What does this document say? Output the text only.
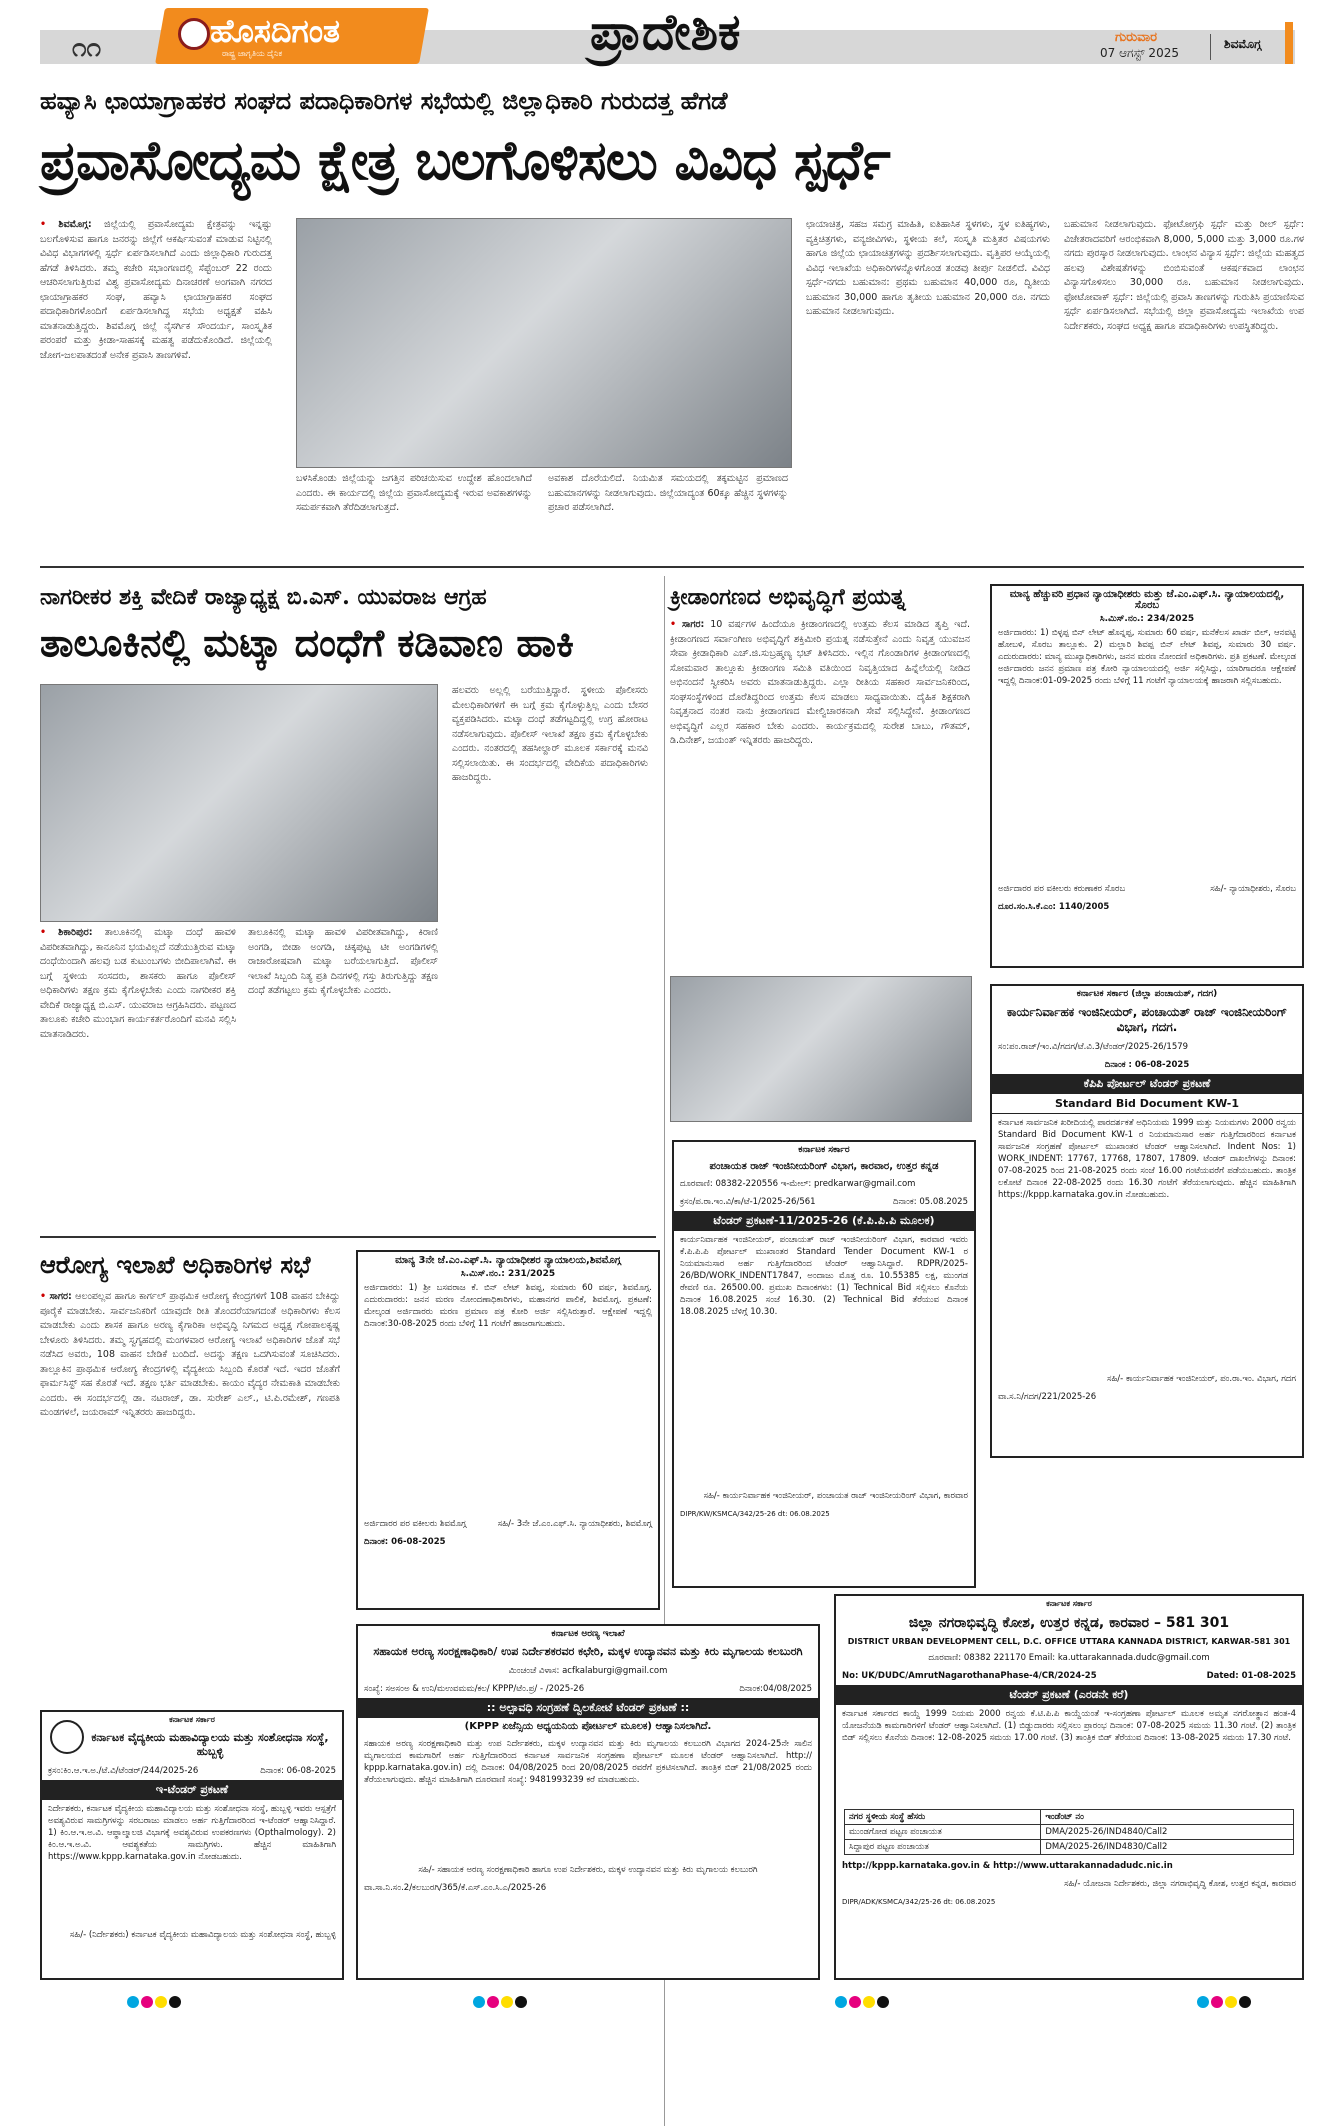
೧೧	ಹೊಸದಿಗಂತ
ರಾಷ್ಟ್ರ ಜಾಗೃತಿಯ ದೈನಿಕ	ಪ್ರಾದೇಶಿಕ	ಗುರುವಾರ
07 ಆಗಸ್ಟ್ 2025
ಶಿವಮೊಗ್ಗ
ಹವ್ಯಾಸಿ ಛಾಯಾಗ್ರಾಹಕರ ಸಂಘದ ಪದಾಧಿಕಾರಿಗಳ ಸಭೆಯಲ್ಲಿ ಜಿಲ್ಲಾಧಿಕಾರಿ ಗುರುದತ್ತ ಹೆಗಡೆ
ಪ್ರವಾಸೋದ್ಯಮ ಕ್ಷೇತ್ರ ಬಲಗೊಳಿಸಲು ವಿವಿಧ ಸ್ಪರ್ಧೆ

• ಶಿವಮೊಗ್ಗ: ಜಿಲ್ಲೆಯಲ್ಲಿ ಪ್ರವಾಸೋದ್ಯಮ ಕ್ಷೇತ್ರವನ್ನು ಇನ್ನಷ್ಟು ಬಲಗೊಳಿಸುವ ಹಾಗೂ ಜನರನ್ನು ಜಿಲ್ಲೆಗೆ ಆಕರ್ಷಿಸುವಂತೆ ಮಾಡುವ ನಿಟ್ಟಿನಲ್ಲಿ ವಿವಿಧ ವಿಭಾಗಗಳಲ್ಲಿ ಸ್ಪರ್ಧೆ ಏರ್ಪಡಿಸಲಾಗಿದೆ ಎಂದು ಜಿಲ್ಲಾಧಿಕಾರಿ ಗುರುದತ್ತ ಹೆಗಡೆ ತಿಳಿಸಿದರು. ತಮ್ಮ ಕಚೇರಿ ಸಭಾಂಗಣದಲ್ಲಿ ಸೆಪ್ಟೆಂಬರ್ 22 ರಂದು ಆಚರಿಸಲಾಗುತ್ತಿರುವ ವಿಶ್ವ ಪ್ರವಾಸೋದ್ಯಮ ದಿನಾಚರಣೆ ಅಂಗವಾಗಿ ನಗರದ ಛಾಯಾಗ್ರಾಹಕರ ಸಂಘ, ಹವ್ಯಾಸಿ ಛಾಯಾಗ್ರಾಹಕರ ಸಂಘದ ಪದಾಧಿಕಾರಿಗಳೊಂದಿಗೆ ಏರ್ಪಡಿಸಲಾಗಿದ್ದ ಸಭೆಯ ಅಧ್ಯಕ್ಷತೆ ವಹಿಸಿ ಮಾತನಾಡುತ್ತಿದ್ದರು. ಶಿವಮೊಗ್ಗ ಜಿಲ್ಲೆ ನೈಸರ್ಗಿಕ ಸೌಂದರ್ಯ, ಸಾಂಸ್ಕೃತಿಕ ಪರಂಪರೆ ಮತ್ತು ಕ್ರೀಡಾ-ಸಾಹಸಕ್ಕೆ ಮಹತ್ವ ಪಡೆದುಕೊಂಡಿದೆ. ಜಿಲ್ಲೆಯಲ್ಲಿ ಜೋಗ-ಜಲಪಾತದಂತೆ ಅನೇಕ ಪ್ರವಾಸಿ ತಾಣಗಳಿವೆ.

ಬಳಸಿಕೊಂಡು ಜಿಲ್ಲೆಯನ್ನು ಜಗತ್ತಿನ ಪರಿಚಯಿಸುವ ಉದ್ದೇಶ ಹೊಂದಲಾಗಿದೆ ಎಂದರು. ಈ ಕಾರ್ಯದಲ್ಲಿ ಜಿಲ್ಲೆಯ ಪ್ರವಾಸೋದ್ಯಮಕ್ಕೆ ಇರುವ ಅವಕಾಶಗಳನ್ನು ಸಮರ್ಪಕವಾಗಿ ತೆರೆದಿಡಲಾಗುತ್ತದೆ.
ಅವಕಾಶ ದೊರೆಯಲಿದೆ. ನಿಯಮಿತ ಸಮಯದಲ್ಲಿ ತಕ್ಕಮಟ್ಟಿನ ಪ್ರಮಾಣದ ಬಹುಮಾನಗಳನ್ನು ನೀಡಲಾಗುವುದು. ಜಿಲ್ಲೆಯಾದ್ಯಂತ 60ಕ್ಕೂ ಹೆಚ್ಚಿನ ಸ್ಥಳಗಳನ್ನು ಪ್ರಚಾರ ಪಡೆಸಲಾಗಿದೆ.
ಛಾಯಾಚಿತ್ರ, ಸಹಜ ಸಮಗ್ರ ಮಾಹಿತಿ, ಐತಿಹಾಸಿಕ ಸ್ಥಳಗಳು, ಸ್ಥಳ ಐತಿಹ್ಯಗಳು, ವ್ಯಕ್ತಿಚಿತ್ರಗಳು, ವನ್ಯಜೀವಿಗಳು, ಸ್ಥಳೀಯ ಕಲೆ, ಸಂಸ್ಕೃತಿ ಮತ್ತಿತರ ವಿಷಯಗಳು ಹಾಗೂ ಜಿಲ್ಲೆಯ ಛಾಯಾಚಿತ್ರಗಳನ್ನು ಪ್ರದರ್ಶಿಸಲಾಗುವುದು. ವೃತ್ತಿಪರ ಆಯ್ಕೆಯಲ್ಲಿ ವಿವಿಧ ಇಲಾಖೆಯ ಅಧಿಕಾರಿಗಳನ್ನೊಳಗೊಂಡ ತಂಡವು ತೀರ್ಪು ನೀಡಲಿದೆ. ವಿವಿಧ ಸ್ಪರ್ಧೆ-ನಗದು ಬಹುಮಾನ: ಪ್ರಥಮ ಬಹುಮಾನ 40,000 ರೂ, ದ್ವಿತೀಯ ಬಹುಮಾನ 30,000 ಹಾಗೂ ತೃತೀಯ ಬಹುಮಾನ 20,000 ರೂ. ನಗದು ಬಹುಮಾನ ನೀಡಲಾಗುವುದು.
ಬಹುಮಾನ ನೀಡಲಾಗುವುದು. ಫೋಟೋಗ್ರಫಿ ಸ್ಪರ್ಧೆ ಮತ್ತು ರೀಲ್ ಸ್ಪರ್ಧೆ: ವಿಜೇತರಾದವರಿಗೆ ಆರಂಭಿಕವಾಗಿ 8,000, 5,000 ಮತ್ತು 3,000 ರೂ.ಗಳ ನಗದು ಪುರಸ್ಕಾರ ನೀಡಲಾಗುವುದು. ಲಾಂಛನ ವಿನ್ಯಾಸ ಸ್ಪರ್ಧೆ: ಜಿಲ್ಲೆಯ ಮಹತ್ವದ ಹಲವು ವಿಶೇಷತೆಗಳನ್ನು ಬಿಂಬಿಸುವಂತೆ ಆಕರ್ಷಕವಾದ ಲಾಂಛನ ವಿನ್ಯಾಸಗೊಳಿಸಲು 30,000 ರೂ. ಬಹುಮಾನ ನೀಡಲಾಗುವುದು. ಫೋಟೋವಾಕ್ ಸ್ಪರ್ಧೆ: ಜಿಲ್ಲೆಯಲ್ಲಿ ಪ್ರವಾಸಿ ತಾಣಗಳನ್ನು ಗುರುತಿಸಿ ಪ್ರಯಾಣಿಸುವ ಸ್ಪರ್ಧೆ ಏರ್ಪಡಿಸಲಾಗಿದೆ. ಸಭೆಯಲ್ಲಿ ಜಿಲ್ಲಾ ಪ್ರವಾಸೋದ್ಯಮ ಇಲಾಖೆಯ ಉಪ ನಿರ್ದೇಶಕರು, ಸಂಘದ ಅಧ್ಯಕ್ಷ ಹಾಗೂ ಪದಾಧಿಕಾರಿಗಳು ಉಪಸ್ಥಿತರಿದ್ದರು.
ನಾಗರೀಕರ ಶಕ್ತಿ ವೇದಿಕೆ ರಾಜ್ಯಾಧ್ಯಕ್ಷ ಬಿ.ಎಸ್. ಯುವರಾಜ ಆಗ್ರಹ
ತಾಲೂಕಿನಲ್ಲಿ ಮಟ್ಕಾ ದಂಧೆಗೆ ಕಡಿವಾಣ ಹಾಕಿ

• ಶಿಕಾರಿಪುರ: ತಾಲೂಕಿನಲ್ಲಿ ಮಟ್ಕಾ ದಂಧೆ ಹಾವಳಿ ವಿಪರೀತವಾಗಿದ್ದು, ಕಾನೂನಿನ ಭಯವಿಲ್ಲದೆ ನಡೆಯುತ್ತಿರುವ ಮಟ್ಕಾ ದಂಧೆಯಿಂದಾಗಿ ಹಲವು ಬಡ ಕುಟುಂಬಗಳು ಬೀದಿಪಾಲಾಗಿವೆ. ಈ ಬಗ್ಗೆ ಸ್ಥಳೀಯ ಸಂಸದರು, ಶಾಸಕರು ಹಾಗೂ ಪೊಲೀಸ್ ಅಧಿಕಾರಿಗಳು ತಕ್ಷಣ ಕ್ರಮ ಕೈಗೊಳ್ಳಬೇಕು ಎಂದು ನಾಗರೀಕರ ಶಕ್ತಿ ವೇದಿಕೆ ರಾಜ್ಯಾಧ್ಯಕ್ಷ ಬಿ.ಎಸ್. ಯುವರಾಜ ಆಗ್ರಹಿಸಿದರು. ಪಟ್ಟಣದ ತಾಲೂಕು ಕಚೇರಿ ಮುಂಭಾಗ ಕಾರ್ಯಕರ್ತರೊಂದಿಗೆ ಮನವಿ ಸಲ್ಲಿಸಿ ಮಾತನಾಡಿದರು.

ತಾಲೂಕಿನಲ್ಲಿ ಮಟ್ಕಾ ಹಾವಳಿ ವಿಪರೀತವಾಗಿದ್ದು, ಕಿರಾಣಿ ಅಂಗಡಿ, ಬೀಡಾ ಅಂಗಡಿ, ಚಿಕ್ಕಪುಟ್ಟ ಟೀ ಅಂಗಡಿಗಳಲ್ಲಿ ರಾಜಾರೋಷವಾಗಿ ಮಟ್ಕಾ ಬರೆಯಲಾಗುತ್ತಿದೆ. ಪೊಲೀಸ್ ಇಲಾಖೆ ಸಿಬ್ಬಂದಿ ನಿತ್ಯ ಪ್ರತಿ ದಿನಗಳಲ್ಲಿ ಗಸ್ತು ತಿರುಗುತ್ತಿದ್ದು ತಕ್ಷಣ ದಂಧೆ ತಡೆಗಟ್ಟಲು ಕ್ರಮ ಕೈಗೊಳ್ಳಬೇಕು ಎಂದರು.
ಹಲವರು ಅಲ್ಲಲ್ಲಿ ಬರೆಯುತ್ತಿದ್ದಾರೆ. ಸ್ಥಳೀಯ ಪೊಲೀಸರು ಮೇಲಧಿಕಾರಿಗಳಿಗೆ ಈ ಬಗ್ಗೆ ಕ್ರಮ ಕೈಗೊಳ್ಳುತ್ತಿಲ್ಲ ಎಂದು ಬೇಸರ ವ್ಯಕ್ತಪಡಿಸಿದರು. ಮಟ್ಕಾ ದಂಧೆ ತಡೆಗಟ್ಟದಿದ್ದಲ್ಲಿ ಉಗ್ರ ಹೋರಾಟ ನಡೆಸಲಾಗುವುದು. ಪೊಲೀಸ್ ಇಲಾಖೆ ತಕ್ಷಣ ಕ್ರಮ ಕೈಗೊಳ್ಳಬೇಕು ಎಂದರು. ನಂತರದಲ್ಲಿ ತಹಸೀಲ್ದಾರ್ ಮೂಲಕ ಸರ್ಕಾರಕ್ಕೆ ಮನವಿ ಸಲ್ಲಿಸಲಾಯಿತು. ಈ ಸಂದರ್ಭದಲ್ಲಿ ವೇದಿಕೆಯ ಪದಾಧಿಕಾರಿಗಳು ಹಾಜರಿದ್ದರು.
ಕ್ರೀಡಾಂಗಣದ ಅಭಿವೃದ್ಧಿಗೆ ಪ್ರಯತ್ನ

• ಸಾಗರ: 10 ವರ್ಷಗಳ ಹಿಂದೆಯೂ ಕ್ರೀಡಾಂಗಣದಲ್ಲಿ ಉತ್ತಮ ಕೆಲಸ ಮಾಡಿದ ತೃಪ್ತಿ ಇದೆ. ಕ್ರೀಡಾಂಗಣದ ಸರ್ವಾಂಗೀಣ ಅಭಿವೃದ್ಧಿಗೆ ಶಕ್ತಿಮೀರಿ ಪ್ರಯತ್ನ ನಡೆಸುತ್ತೇನೆ ಎಂದು ನಿವೃತ್ತ ಯುವಜನ ಸೇವಾ ಕ್ರೀಡಾಧಿಕಾರಿ ಎಚ್.ಜಿ.ಸುಬ್ರಹ್ಮಣ್ಯ ಭಟ್ ತಿಳಿಸಿದರು. ಇಲ್ಲಿನ ಗೊಂಡಾರಿಗಳ ಕ್ರೀಡಾಂಗಣದಲ್ಲಿ ಸೋಮವಾರ ತಾಲ್ಲೂಕು ಕ್ರೀಡಾಂಗಣ ಸಮಿತಿ ವತಿಯಿಂದ ನಿವೃತ್ತಿಯಾದ ಹಿನ್ನೆಲೆಯಲ್ಲಿ ನೀಡಿದ ಅಭಿನಂದನೆ ಸ್ವೀಕರಿಸಿ ಅವರು ಮಾತನಾಡುತ್ತಿದ್ದರು. ಎಲ್ಲಾ ರೀತಿಯ ಸಹಕಾರ ಸಾರ್ವಜನಿಕರಿಂದ, ಸಂಘಸಂಸ್ಥೆಗಳಿಂದ ದೊರೆತಿದ್ದರಿಂದ ಉತ್ತಮ ಕೆಲಸ ಮಾಡಲು ಸಾಧ್ಯವಾಯಿತು. ದೈಹಿಕ ಶಿಕ್ಷಕರಾಗಿ ನಿವೃತ್ತನಾದ ನಂತರ ನಾನು ಕ್ರೀಡಾಂಗಣದ ಮೇಲ್ವಿಚಾರಕನಾಗಿ ಸೇವೆ ಸಲ್ಲಿಸಿದ್ದೇನೆ. ಕ್ರೀಡಾಂಗಣದ ಅಭಿವೃದ್ಧಿಗೆ ಎಲ್ಲರ ಸಹಕಾರ ಬೇಕು ಎಂದರು. ಕಾರ್ಯಕ್ರಮದಲ್ಲಿ ಸುರೇಶ ಬಾಬು, ಗೌತಮ್, ಡಿ.ದಿನೇಶ್, ಜಯಂತ್ ಇನ್ನಿತರರು ಹಾಜರಿದ್ದರು.

ಮಾನ್ಯ ಹೆಚ್ಚುವರಿ ಪ್ರಧಾನ ನ್ಯಾಯಾಧೀಶರು ಮತ್ತು ಜೆ.ಎಂ.ಎಫ್.ಸಿ. ನ್ಯಾಯಾಲಯದಲ್ಲಿ, ಸೊರಬ
ಸಿ.ಮಿಸ್.ನಂ.: 234/2025
ಅರ್ಜಿದಾರರು: 1) ಬಿಳ್ಳಪ್ಪ ಬಿನ್ ಲೇಟ್ ಹೊನ್ನಪ್ಪ, ಸುಮಾರು 60 ವರ್ಷ, ಮನೆಕೆಲಸ ಖಾರ್ಡ ಬಿಲ್, ಆನವಟ್ಟಿ ಹೋಬಳಿ, ಸೊರಬ ತಾಲ್ಲೂಕು. 2) ಮಲ್ಲಾರಿ ಶಿವಪ್ಪ ಬಿನ್ ಲೇಟ್ ಶಿವಪ್ಪ, ಸುಮಾರು 30 ವರ್ಷ. ಎದುರುದಾರರು: ಮಾನ್ಯ ಮುಖ್ಯಾಧಿಕಾರಿಗಳು, ಜನನ ಮರಣ ನೋಂದಣಿ ಅಧಿಕಾರಿಗಳು. ಪ್ರತಿ ಪ್ರಕಟಣೆ. ಮೇಲ್ಕಂಡ ಅರ್ಜಿದಾರರು ಜನನ ಪ್ರಮಾಣ ಪತ್ರ ಕೋರಿ ನ್ಯಾಯಾಲಯದಲ್ಲಿ ಅರ್ಜಿ ಸಲ್ಲಿಸಿದ್ದು, ಯಾರಿಗಾದರೂ ಆಕ್ಷೇಪಣೆ ಇದ್ದಲ್ಲಿ ದಿನಾಂಕ:01-09-2025 ರಂದು ಬೆಳಿಗ್ಗೆ 11 ಗಂಟೆಗೆ ನ್ಯಾಯಾಲಯಕ್ಕೆ ಹಾಜರಾಗಿ ಸಲ್ಲಿಸಬಹುದು.
ಅರ್ಜಿದಾರರ ಪರ ವಕೀಲರು ಕರುಣಾಕರ ಸೊರಬ	ಸಹಿ/- ನ್ಯಾಯಾಧೀಶರು, ಸೊರಬ
ದೂರ.ಸಂ.ಸಿ.ಕೆ.ಎಂ: 1140/2005
ಕರ್ನಾಟಕ ಸರ್ಕಾರ (ಜಿಲ್ಲಾ ಪಂಚಾಯತ್, ಗದಗ)
ಕಾರ್ಯನಿರ್ವಾಹಕ ಇಂಜಿನೀಯರ್, ಪಂಚಾಯತ್ ರಾಜ್ ಇಂಜಿನೀಯರಿಂಗ್ ವಿಭಾಗ, ಗದಗ.
ಸಂ:ಪಂ.ರಾಜ್/ಇಂ.ವಿ/ಗದಗ/ಟೆ.ವಿ.3/ಟೆಂಡರ್/2025-26/1579
ದಿನಾಂಕ : 06-08-2025
ಕೆಪಿಪಿ ಪೋರ್ಟಲ್ ಟೆಂಡರ್ ಪ್ರಕಟಣೆ
Standard Bid Document KW-1
ಕರ್ನಾಟಕ ಸಾರ್ವಜನಿಕ ಖರೀದಿಯಲ್ಲಿ ಪಾರದರ್ಶಕತೆ ಅಧಿನಿಯಮ 1999 ಮತ್ತು ನಿಯಮಗಳು 2000 ರನ್ವಯ Standard Bid Document KW-1 ರ ನಿಯಮಾನುಸಾರ ಅರ್ಹ ಗುತ್ತಿಗೆದಾರರಿಂದ ಕರ್ನಾಟಕ ಸಾರ್ವಜನಿಕ ಸಂಗ್ರಹಣೆ ಪೋರ್ಟಲ್ ಮುಖಾಂತರ ಟೆಂಡರ್ ಆಹ್ವಾನಿಸಲಾಗಿದೆ. Indent Nos: 1) WORK_INDENT: 17767, 17768, 17807, 17809. ಟೆಂಡರ್ ದಾಖಲೆಗಳನ್ನು ದಿನಾಂಕ: 07-08-2025 ರಿಂದ 21-08-2025 ರಂದು ಸಂಜೆ 16.00 ಗಂಟೆಯವರೆಗೆ ಪಡೆಯಬಹುದು. ತಾಂತ್ರಿಕ ಲಕೋಟೆ ದಿನಾಂಕ 22-08-2025 ರಂದು 16.30 ಗಂಟೆಗೆ ತೆರೆಯಲಾಗುವುದು. ಹೆಚ್ಚಿನ ಮಾಹಿತಿಗಾಗಿ https://kppp.karnataka.gov.in ನೋಡಬಹುದು.
ಸಹಿ/- ಕಾರ್ಯನಿರ್ವಾಹಕ ಇಂಜಿನೀಯರ್, ಪಂ.ರಾ.ಇಂ. ವಿಭಾಗ, ಗದಗ
ವಾ.ಸ.ನಿ/ಗದಗ/221/2025-26
ಕರ್ನಾಟಕ ಸರ್ಕಾರ
ಪಂಚಾಯತ ರಾಜ್ ಇಂಜಿನೀಯರಿಂಗ್ ವಿಭಾಗ, ಕಾರವಾರ, ಉತ್ತರ ಕನ್ನಡ
ದೂರವಾಣಿ: 08382-220556 ಇ-ಮೇಲ್: predkarwar@gmail.com
ಕ್ರಸಂ/ಪ.ರಾ.ಇಂ.ವಿ/ಕಾ/ಟೆ-1/2025-26/561	ದಿನಾಂಕ: 05.08.2025
ಟೆಂಡರ್ ಪ್ರಕಟಣೆ-11/2025-26 (ಕೆ.ಪಿ.ಪಿ.ಪಿ ಮೂಲಕ)
ಕಾರ್ಯನಿರ್ವಾಹಕ ಇಂಜಿನೀಯರ್, ಪಂಚಾಯತ್ ರಾಜ್ ಇಂಜಿನೀಯರಿಂಗ್ ವಿಭಾಗ, ಕಾರವಾರ ಇವರು ಕೆ.ಪಿ.ಪಿ.ಪಿ ಪೋರ್ಟಲ್ ಮುಖಾಂತರ Standard Tender Document KW-1 ರ ನಿಯಮಾನುಸಾರ ಅರ್ಹ ಗುತ್ತಿಗೆದಾರರಿಂದ ಟೆಂಡರ್ ಆಹ್ವಾನಿಸಿದ್ದಾರೆ. RDPR/2025-26/BD/WORK_INDENT17847, ಅಂದಾಜು ಮೊತ್ತ ರೂ. 10.55385 ಲಕ್ಷ, ಮುಂಗಡ ಠೇವಣಿ ರೂ. 26500.00. ಪ್ರಮುಖ ದಿನಾಂಕಗಳು: (1) Technical Bid ಸಲ್ಲಿಸಲು ಕೊನೆಯ ದಿನಾಂಕ 16.08.2025 ಸಂಜೆ 16.30. (2) Technical Bid ತೆರೆಯುವ ದಿನಾಂಕ 18.08.2025 ಬೆಳಿಗ್ಗೆ 10.30.
ಸಹಿ/- ಕಾರ್ಯನಿರ್ವಾಹಕ ಇಂಜಿನೀಯರ್, ಪಂಚಾಯತ ರಾಜ್ ಇಂಜಿನೀಯರಿಂಗ್ ವಿಭಾಗ, ಕಾರವಾರ
DIPR/KW/KSMCA/342/25-26 dt: 06.08.2025
ಆರೋಗ್ಯ ಇಲಾಖೆ ಅಧಿಕಾರಿಗಳ ಸಭೆ

• ಸಾಗರ: ಆಲಂಪಲ್ಲವ ಹಾಗೂ ಕಾರ್ಗಲ್ ಪ್ರಾಥಮಿಕ ಆರೋಗ್ಯ ಕೇಂದ್ರಗಳಿಗೆ 108 ವಾಹನ ಬೇಕಿದ್ದು ಪೂರೈಕೆ ಮಾಡಬೇಕು. ಸಾರ್ವಜನಿಕರಿಗೆ ಯಾವುದೇ ರೀತಿ ತೊಂದರೆಯಾಗದಂತೆ ಅಧಿಕಾರಿಗಳು ಕೆಲಸ ಮಾಡಬೇಕು ಎಂದು ಶಾಸಕ ಹಾಗೂ ಅರಣ್ಯ ಕೈಗಾರಿಕಾ ಅಭಿವೃದ್ಧಿ ನಿಗಮದ ಅಧ್ಯಕ್ಷ ಗೋಪಾಲಕೃಷ್ಣ ಬೇಳೂರು ತಿಳಿಸಿದರು. ತಮ್ಮ ಸ್ವಗೃಹದಲ್ಲಿ ಮಂಗಳವಾರ ಆರೋಗ್ಯ ಇಲಾಖೆ ಅಧಿಕಾರಿಗಳ ಜೊತೆ ಸಭೆ ನಡೆಸಿದ ಅವರು, 108 ವಾಹನ ಬೇಡಿಕೆ ಬಂದಿದೆ. ಅದನ್ನು ತಕ್ಷಣ ಒದಗಿಸುವಂತೆ ಸೂಚಿಸಿದರು. ತಾಲ್ಲೂಕಿನ ಪ್ರಾಥಮಿಕ ಆರೋಗ್ಯ ಕೇಂದ್ರಗಳಲ್ಲಿ ವೈದ್ಯಕೀಯ ಸಿಬ್ಬಂದಿ ಕೊರತೆ ಇದೆ. ಇದರ ಜೊತೆಗೆ ಫಾರ್ಮಸಿಸ್ಟ್ ಸಹ ಕೊರತೆ ಇದೆ. ತಕ್ಷಣ ಭರ್ತಿ ಮಾಡಬೇಕು. ಕಾಯಂ ವೈದ್ಯರ ನೇಮಕಾತಿ ಮಾಡಬೇಕು ಎಂದರು. ಈ ಸಂದರ್ಭದಲ್ಲಿ ಡಾ. ನಟರಾಜ್, ಡಾ. ಸುರೇಶ್ ಎಲ್., ಟಿ.ಪಿ.ರಮೇಶ್, ಗಣಪತಿ ಮಂಡಗಳಲೆ, ಜಯರಾಮ್ ಇನ್ನಿತರರು ಹಾಜರಿದ್ದರು.

ಮಾನ್ಯ 3ನೇ ಜೆ.ಎಂ.ಎಫ್.ಸಿ. ನ್ಯಾಯಾಧೀಶರ ನ್ಯಾಯಾಲಯ,ಶಿವಮೊಗ್ಗ
ಸಿ.ಮಿಸ್.ನಂ.: 231/2025
ಅರ್ಜಿದಾರರು: 1) ಶ್ರೀ ಬಸವರಾಜ ಕೆ. ಬಿನ್ ಲೇಟ್ ಶಿವಪ್ಪ, ಸುಮಾರು 60 ವರ್ಷ, ಶಿವಮೊಗ್ಗ. ಎದುರುದಾರರು: ಜನನ ಮರಣ ನೋಂದಣಾಧಿಕಾರಿಗಳು, ಮಹಾನಗರ ಪಾಲಿಕೆ, ಶಿವಮೊಗ್ಗ. ಪ್ರಕಟಣೆ: ಮೇಲ್ಕಂಡ ಅರ್ಜಿದಾರರು ಮರಣ ಪ್ರಮಾಣ ಪತ್ರ ಕೋರಿ ಅರ್ಜಿ ಸಲ್ಲಿಸಿರುತ್ತಾರೆ. ಆಕ್ಷೇಪಣೆ ಇದ್ದಲ್ಲಿ ದಿನಾಂಕ:30-08-2025 ರಂದು ಬೆಳಿಗ್ಗೆ 11 ಗಂಟೆಗೆ ಹಾಜರಾಗಬಹುದು.
ಅರ್ಜಿದಾರರ ಪರ ವಕೀಲರು ಶಿವಮೊಗ್ಗ	ಸಹಿ/- 3ನೇ ಜೆ.ಎಂ.ಎಫ್.ಸಿ. ನ್ಯಾಯಾಧೀಶರು, ಶಿವಮೊಗ್ಗ
ದಿನಾಂಕ: 06-08-2025
ಕರ್ನಾಟಕ ಸರ್ಕಾರ
ಕರ್ನಾಟಕ ವೈದ್ಯಕೀಯ ಮಹಾವಿದ್ಯಾಲಯ ಮತ್ತು ಸಂಶೋಧನಾ ಸಂಸ್ಥೆ, ಹುಬ್ಬಳ್ಳಿ
ಕ್ರಸಂ:ಕಿಂ.ಆ.ಇ.ಅ./ಟೆ.ವಿ/ಟೆಂಡರ್/244/2025-26	ದಿನಾಂಕ: 06-08-2025
ಇ-ಟೆಂಡರ್ ಪ್ರಕಟಣೆ
ನಿರ್ದೇಶಕರು, ಕರ್ನಾಟಕ ವೈದ್ಯಕೀಯ ಮಹಾವಿದ್ಯಾಲಯ ಮತ್ತು ಸಂಶೋಧನಾ ಸಂಸ್ಥೆ, ಹುಬ್ಬಳ್ಳಿ ಇವರು ಆಸ್ಪತ್ರೆಗೆ ಅವಶ್ಯವಿರುವ ಸಾಮಗ್ರಿಗಳನ್ನು ಸರಬರಾಜು ಮಾಡಲು ಅರ್ಹ ಗುತ್ತಿಗೆದಾರರಿಂದ ಇ-ಟೆಂಡರ್ ಆಹ್ವಾನಿಸಿದ್ದಾರೆ. 1) ಕಿಂ.ಆ.ಇ.ಅ.ವಿ. ಆಪ್ಥಾಲ್ಮಾಲಜಿ ವಿಭಾಗಕ್ಕೆ ಅವಶ್ಯವಿರುವ ಉಪಕರಣಗಳು (Opthalmology). 2) ಕಿಂ.ಆ.ಇ.ಅ.ವಿ. ಆವಶ್ಯಕತೆಯ ಸಾಮಗ್ರಿಗಳು. ಹೆಚ್ಚಿನ ಮಾಹಿತಿಗಾಗಿ https://www.kppp.karnataka.gov.in ನೋಡಬಹುದು.
ಸಹಿ/- (ನಿರ್ದೇಶಕರು) ಕರ್ನಾಟಕ ವೈದ್ಯಕೀಯ ಮಹಾವಿದ್ಯಾಲಯ ಮತ್ತು ಸಂಶೋಧನಾ ಸಂಸ್ಥೆ, ಹುಬ್ಬಳ್ಳಿ
ಕರ್ನಾಟಕ ಅರಣ್ಯ ಇಲಾಖೆ
ಸಹಾಯಕ ಅರಣ್ಯ ಸಂರಕ್ಷಣಾಧಿಕಾರಿ/ ಉಪ ನಿರ್ದೇಶಕರವರ ಕಛೇರಿ, ಮಕ್ಕಳ ಉದ್ಯಾನವನ ಮತ್ತು ಕಿರು ಮೃಗಾಲಯ ಕಲಬುರಗಿ
ಮಿಂಚಂಚೆ ವಿಳಾಸ: acfkalaburgi@gmail.com
ಸಂಖ್ಯೆ: ಸಅಸಂಅ & ಉನಿ/ಮಉವಮಮ/ಕಲ/ KPPP/ಟೆಂ.ಪ್ರ/ - /2025-26	ದಿನಾಂಕ:04/08/2025
:: ಅಲ್ಪಾವಧಿ ಸಂಗ್ರಹಣೆ ದ್ವಿಲಕೋಟೆ ಟೆಂಡರ್ ಪ್ರಕಟಣೆ ::
(KPPP ಏಜೆನ್ಸಿಯ ಅಧ್ಯಯನಿಯ ಪೋರ್ಟಲ್ ಮೂಲಕ) ಆಹ್ವಾನಿಸಲಾಗಿದೆ.
ಸಹಾಯಕ ಅರಣ್ಯ ಸಂರಕ್ಷಣಾಧಿಕಾರಿ ಮತ್ತು ಉಪ ನಿರ್ದೇಶಕರು, ಮಕ್ಕಳ ಉದ್ಯಾನವನ ಮತ್ತು ಕಿರು ಮೃಗಾಲಯ ಕಲಬುರಗಿ ವಿಭಾಗದ 2024-25ನೇ ಸಾಲಿನ ಮೃಗಾಲಯದ ಕಾಮಗಾರಿಗೆ ಅರ್ಹ ಗುತ್ತಿಗೆದಾರರಿಂದ ಕರ್ನಾಟಕ ಸಾರ್ವಜನಿಕ ಸಂಗ್ರಹಣಾ ಪೋರ್ಟಲ್ ಮೂಲಕ ಟೆಂಡರ್ ಆಹ್ವಾನಿಸಲಾಗಿದೆ. http:// kppp.karnataka.gov.in) ದಲ್ಲಿ ದಿನಾಂಕ: 04/08/2025 ರಿಂದ 20/08/2025 ರವರೆಗೆ ಪ್ರಕಟಿಸಲಾಗಿದೆ. ತಾಂತ್ರಿಕ ಬಿಡ್ 21/08/2025 ರಂದು ತೆರೆಯಲಾಗುವುದು. ಹೆಚ್ಚಿನ ಮಾಹಿತಿಗಾಗಿ ದೂರವಾಣಿ ಸಂಖ್ಯೆ: 9481993239 ಕರೆ ಮಾಡಬಹುದು.
ಸಹಿ/- ಸಹಾಯಕ ಅರಣ್ಯ ಸಂರಕ್ಷಣಾಧಿಕಾರಿ ಹಾಗೂ ಉಪ ನಿರ್ದೇಶಕರು, ಮಕ್ಕಳ ಉದ್ಯಾನವನ ಮತ್ತು ಕಿರು ಮೃಗಾಲಯ ಕಲಬುರಗಿ
ವಾ.ಸಾ.ನಿ.ಸಂ.2/ಕಲಬುರಗಿ/365/ಕೆ.ಎಸ್.ಎಂ.ಸಿ.ಎ/2025-26
ಕರ್ನಾಟಕ ಸರ್ಕಾರ
ಜಿಲ್ಲಾ ನಗರಾಭಿವೃದ್ಧಿ ಕೋಶ, ಉತ್ತರ ಕನ್ನಡ, ಕಾರವಾರ – 581 301
DISTRICT URBAN DEVELOPMENT CELL, D.C. OFFICE UTTARA KANNADA DISTRICT, KARWAR-581 301
ದೂರವಾಣಿ: 08382 221170 Email: ka.uttarakannada.dudc@gmail.com
No: UK/DUDC/AmrutNagarothanaPhase-4/CR/2024-25	Dated: 01-08-2025
ಟೆಂಡರ್ ಪ್ರಕಟಣೆ (ಎರಡನೇ ಕರೆ)
ಕರ್ನಾಟಕ ಸರ್ಕಾರದ ಕಾಯ್ದೆ 1999 ನಿಯಮ 2000 ರನ್ವಯ ಕೆ.ಟಿ.ಪಿ.ಪಿ ಕಾಯ್ದೆಯಂತೆ ಇ-ಸಂಗ್ರಹಣಾ ಪೋರ್ಟಲ್ ಮೂಲಕ ಅಮೃತ ನಗರೋತ್ಥಾನ ಹಂತ-4 ಯೋಜನೆಯಡಿ ಕಾಮಗಾರಿಗಳಿಗೆ ಟೆಂಡರ್ ಆಹ್ವಾನಿಸಲಾಗಿದೆ. (1) ಬಿಡ್ಡುದಾರರು ಸಲ್ಲಿಸಲು ಪ್ರಾರಂಭ ದಿನಾಂಕ: 07-08-2025 ಸಮಯ 11.30 ಗಂಟೆ. (2) ತಾಂತ್ರಿಕ ಬಿಡ್ ಸಲ್ಲಿಸಲು ಕೊನೆಯ ದಿನಾಂಕ: 12-08-2025 ಸಮಯ 17.00 ಗಂಟೆ. (3) ತಾಂತ್ರಿಕ ಬಿಡ್ ತೆರೆಯುವ ದಿನಾಂಕ: 13-08-2025 ಸಮಯ 17.30 ಗಂಟೆ.
ನಗರ ಸ್ಥಳೀಯ ಸಂಸ್ಥೆ ಹೆಸರು	ಇಂಡೆಂಟ್ ನಂ
ಮುಂಡಗೋಡ ಪಟ್ಟಣ ಪಂಚಾಯತ	DMA/2025-26/IND4840/Call2
ಸಿದ್ದಾಪುರ ಪಟ್ಟಣ ಪಂಚಾಯತ	DMA/2025-26/IND4830/Call2
http://kppp.karnataka.gov.in & http://www.uttarakannadadudc.nic.in
ಸಹಿ/- ಯೋಜನಾ ನಿರ್ದೇಶಕರು, ಜಿಲ್ಲಾ ನಗರಾಭಿವೃದ್ಧಿ ಕೋಶ, ಉತ್ತರ ಕನ್ನಡ, ಕಾರವಾರ
DIPR/ADK/KSMCA/342/25-26 dt: 06.08.2025
